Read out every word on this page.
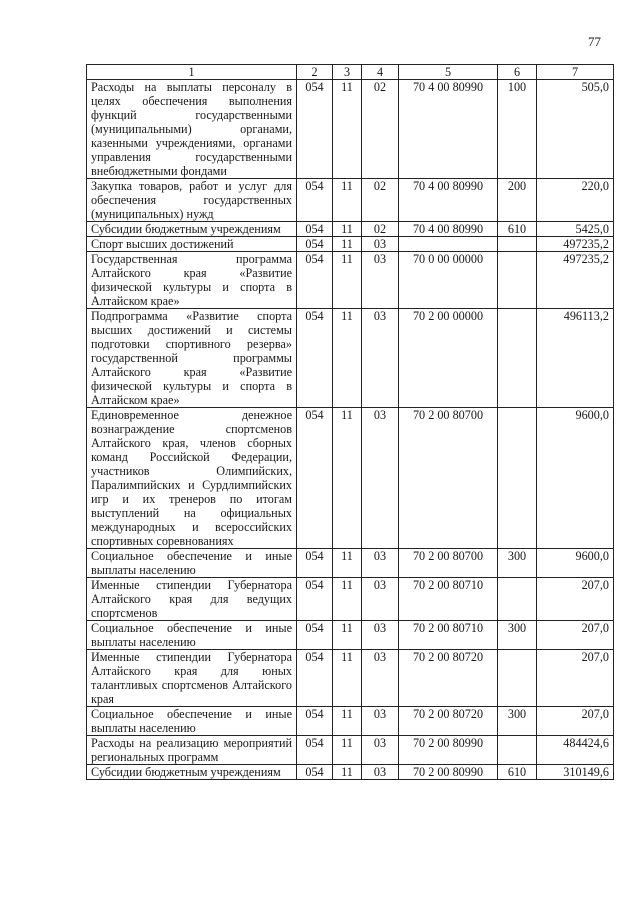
77
1	2	3	4	5	6	7
Расходы на выплаты персоналу в целях обеспечения выполнения функций государственными (муниципальными) органами, казенными учреждениями, органами управления государственными внебюджетными фондами	054	11	02	70 4 00 80990	100	505,0
Закупка товаров, работ и услуг для обеспечения государственных (муниципальных) нужд	054	11	02	70 4 00 80990	200	220,0
Субсидии бюджетным учреждениям	054	11	02	70 4 00 80990	610	5425,0
Спорт высших достижений	054	11	03			497235,2
Государственная программа Алтайского края «Развитие физической культуры и спорта в Алтайском крае»	054	11	03	70 0 00 00000		497235,2
Подпрограмма «Развитие спорта высших достижений и системы подготовки спортивного резерва» государственной программы Алтайского края «Развитие физической культуры и спорта в Алтайском крае»	054	11	03	70 2 00 00000		496113,2
Единовременное денежное вознаграждение спортсменов Алтайского края, членов сборных команд Российской Федерации, участников Олимпийских, Паралимпийских и Сурдлимпийских игр и их тренеров по итогам выступлений на официальных международных и всероссийских спортивных соревнованиях	054	11	03	70 2 00 80700		9600,0
Социальное обеспечение и иные выплаты населению	054	11	03	70 2 00 80700	300	9600,0
Именные стипендии Губернатора Алтайского края для ведущих спортсменов	054	11	03	70 2 00 80710		207,0
Социальное обеспечение и иные выплаты населению	054	11	03	70 2 00 80710	300	207,0
Именные стипендии Губернатора Алтайского края для юных талантливых спортсменов Алтайского края	054	11	03	70 2 00 80720		207,0
Социальное обеспечение и иные выплаты населению	054	11	03	70 2 00 80720	300	207,0
Расходы на реализацию мероприятий региональных программ	054	11	03	70 2 00 80990		484424,6
Субсидии бюджетным учреждениям	054	11	03	70 2 00 80990	610	310149,6
